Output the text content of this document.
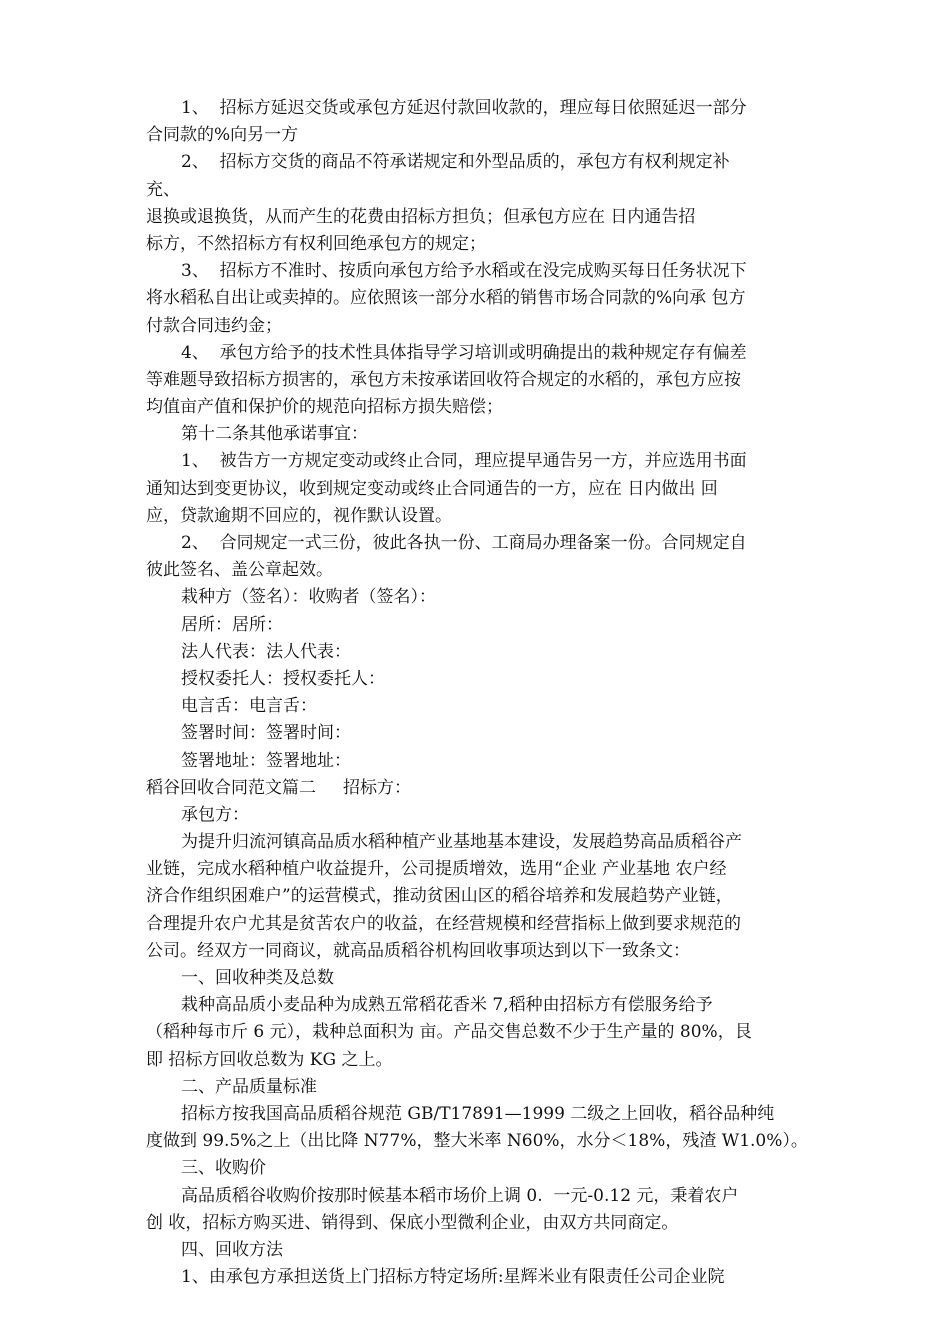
1、  招标方延迟交货或承包方延迟付款回收款的，理应每日依照延迟一部分
合同款的%向另一方
2、  招标方交货的商品不符承诺规定和外型品质的，承包方有权利规定补
充、
退换或退换货，从而产生的花费由招标方担负；但承包方应在 日内通告招
标方，不然招标方有权利回绝承包方的规定；
3、  招标方不准时、按质向承包方给予水稻或在没完成购买每日任务状况下
将水稻私自出让或卖掉的。应依照该一部分水稻的销售市场合同款的%向承 包方
付款合同违约金；
4、  承包方给予的技术性具体指导学习培训或明确提出的栽种规定存有偏差
等难题导致招标方损害的，承包方未按承诺回收符合规定的水稻的，承包方应按
均值亩产值和保护价的规范向招标方损失赔偿；
第十二条其他承诺事宜：
1、  被告方一方规定变动或终止合同，理应提早通告另一方，并应选用书面
通知达到变更协议，收到规定变动或终止合同通告的一方，应在 日内做出 回
应，贷款逾期不回应的，视作默认设置。
2、  合同规定一式三份，彼此各执一份、工商局办理备案一份。合同规定自
彼此签名、盖公章起效。
栽种方（签名）：收购者（签名）：
居所：居所：
法人代表：法人代表：
授权委托人：授权委托人：
电言舌：电言舌：
签署时间：签署时间：
签署地址：签署地址：
稻谷回收合同范文篇二     招标方：
承包方：
为提升归流河镇高品质水稻种植产业基地基本建设，发展趋势高品质稻谷产
业链，完成水稻种植户收益提升，公司提质增效，选用“企业 产业基地 农户经
济合作组织困难户”的运营模式，推动贫困山区的稻谷培养和发展趋势产业链，
合理提升农户尤其是贫苦农户的收益，在经营规模和经营指标上做到要求规范的
公司。经双方一同商议，就高品质稻谷机构回收事项达到以下一致条文：
一、回收种类及总数
栽种高品质小麦品种为成熟五常稻花香米 7,稻种由招标方有偿服务给予
（稻种每市斤 6 元），栽种总面积为 亩。产品交售总数不少于生产量的 80%，艮
即 招标方回收总数为 KG 之上。
二、产品质量标准
招标方按我国高品质稻谷规范 GB/T17891—1999 二级之上回收，稻谷品种纯
度做到 99.5%之上（出比降 N77%，整大米率 N60%，水分＜18%，残渣 W1.0%）。
三、收购价
高品质稻谷收购价按那时候基本稻市场价上调 0.  一元-0.12 元，秉着农户
创 收，招标方购买进、销得到、保底小型微利企业，由双方共同商定。
四、回收方法
1、由承包方承担送货上门招标方特定场所:星辉米业有限责任公司企业院
